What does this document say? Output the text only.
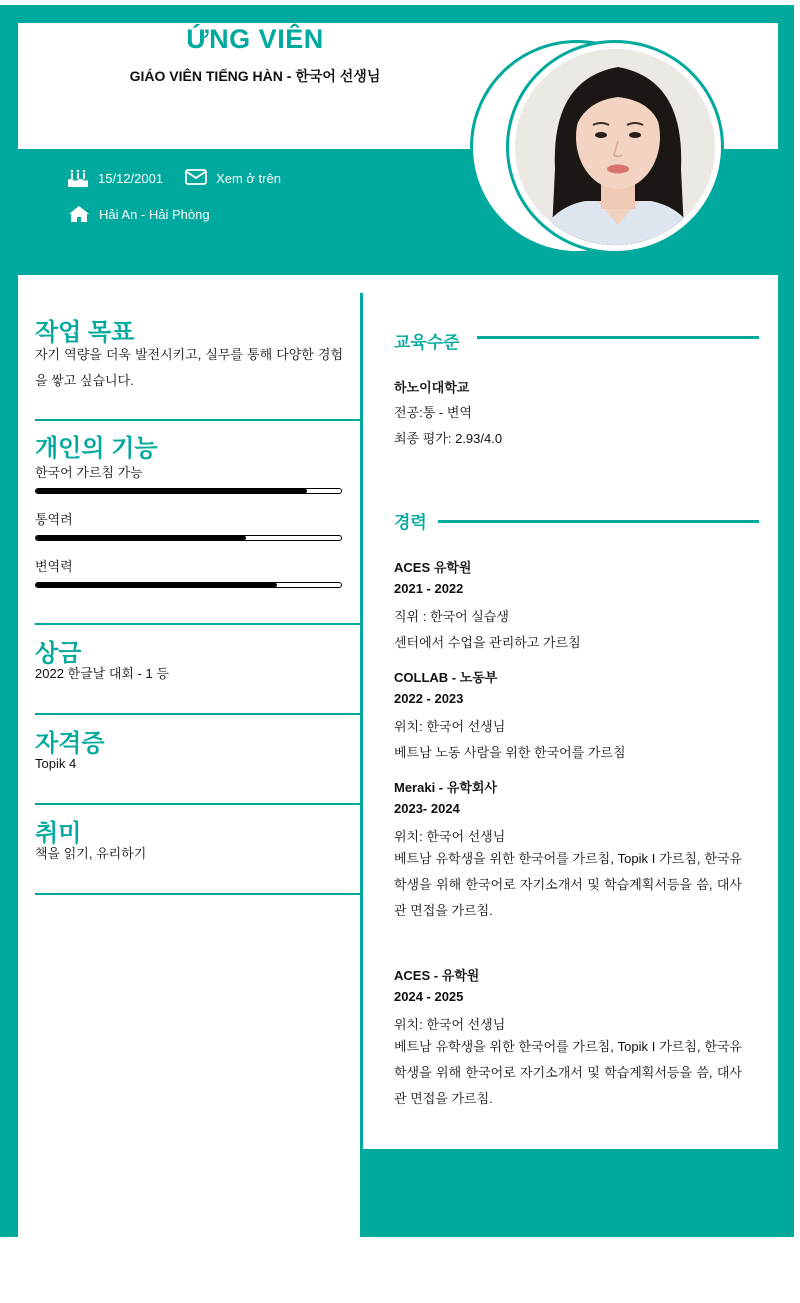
ỨNG VIÊN
GIÁO VIÊN TIẾNG HÀN - 한국어 선생님
15/12/2001	Xem ở trên
Hải An - Hải Phòng
작업 목표
자기 역량을 더욱 발전시키고, 실무를 통해 다양한 경험을 쌓고 싶습니다.
개인의 기능
한국어 가르침 가능
통역려
변역력
상금
2022 한글날 대회 - 1 등
자격증
Topik 4
취미
책을 읽기, 유리하기
교육수준
하노이대학교
전공:통 - 변역
최종 평가: 2.93/4.0
경력
ACES 유학원
2021 - 2022
직위 : 한국어 실습생
센터에서 수업을 관리하고 가르침
COLLAB - 노동부
2022 - 2023
위치: 한국어 선생님
베트남 노동 사람을 위한 한국어를 가르침
Meraki - 유학회사
2023- 2024
위치: 한국어 선생님
베트남 유학생을 위한 한국어를 가르침, Topik I 가르침, 한국유학생을 위해 한국어로 자기소개서 및 학습계획서등을 씀, 대사관 면접을 가르침.
ACES - 유학원
2024 - 2025
위치: 한국어 선생님
베트남 유학생을 위한 한국어를 가르침, Topik I 가르침, 한국유학생을 위해 한국어로 자기소개서 및 학습계획서등을 씀, 대사관 면접을 가르침.
